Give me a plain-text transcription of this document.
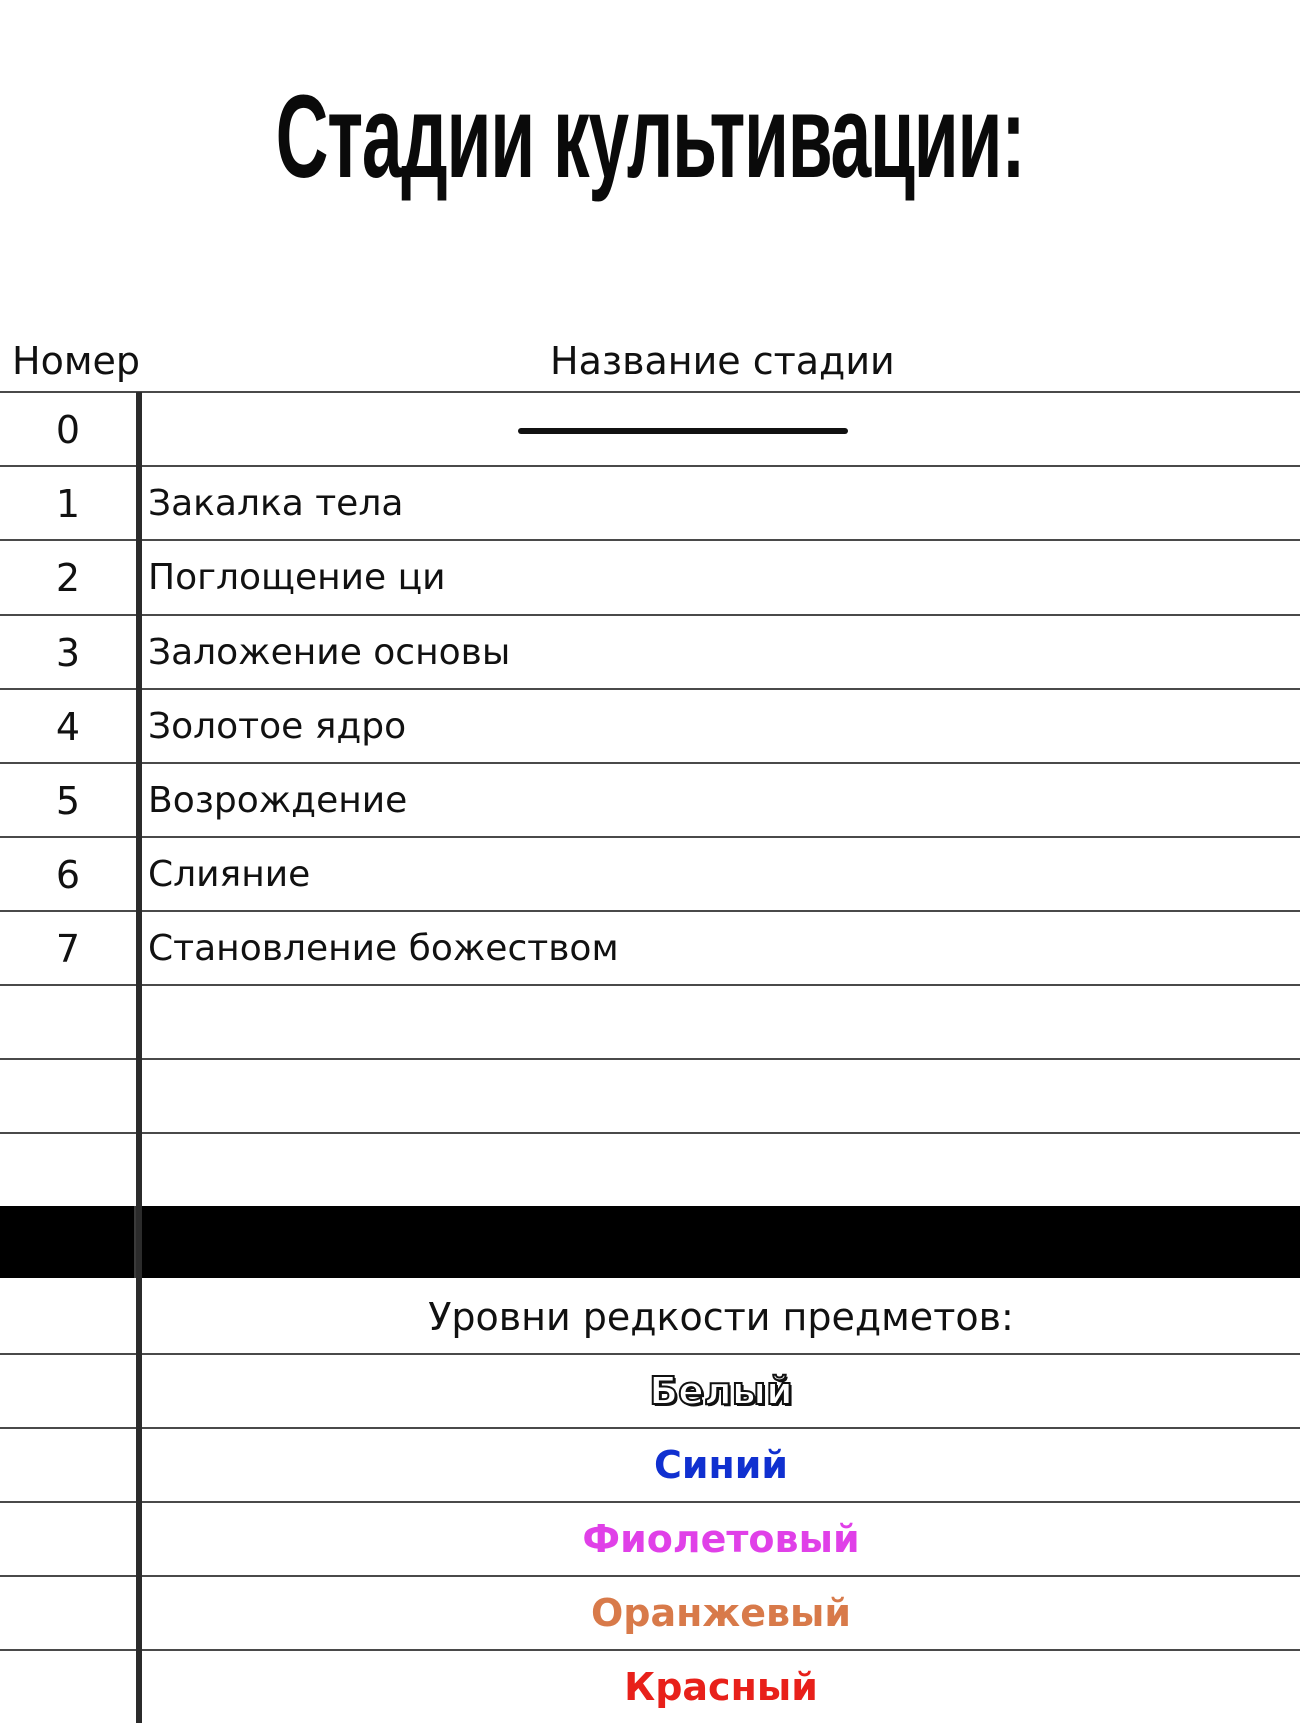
Стадии культивации:
Номер	Название стадии
0
1	Закалка тела
2	Поглощение ци
3	Заложение основы
4	Золотое ядро
5	Возрождение
6	Слияние
7	Становление божеством
Уровни редкости предметов:
Белый
Синий
Фиолетовый
Оранжевый
Красный
